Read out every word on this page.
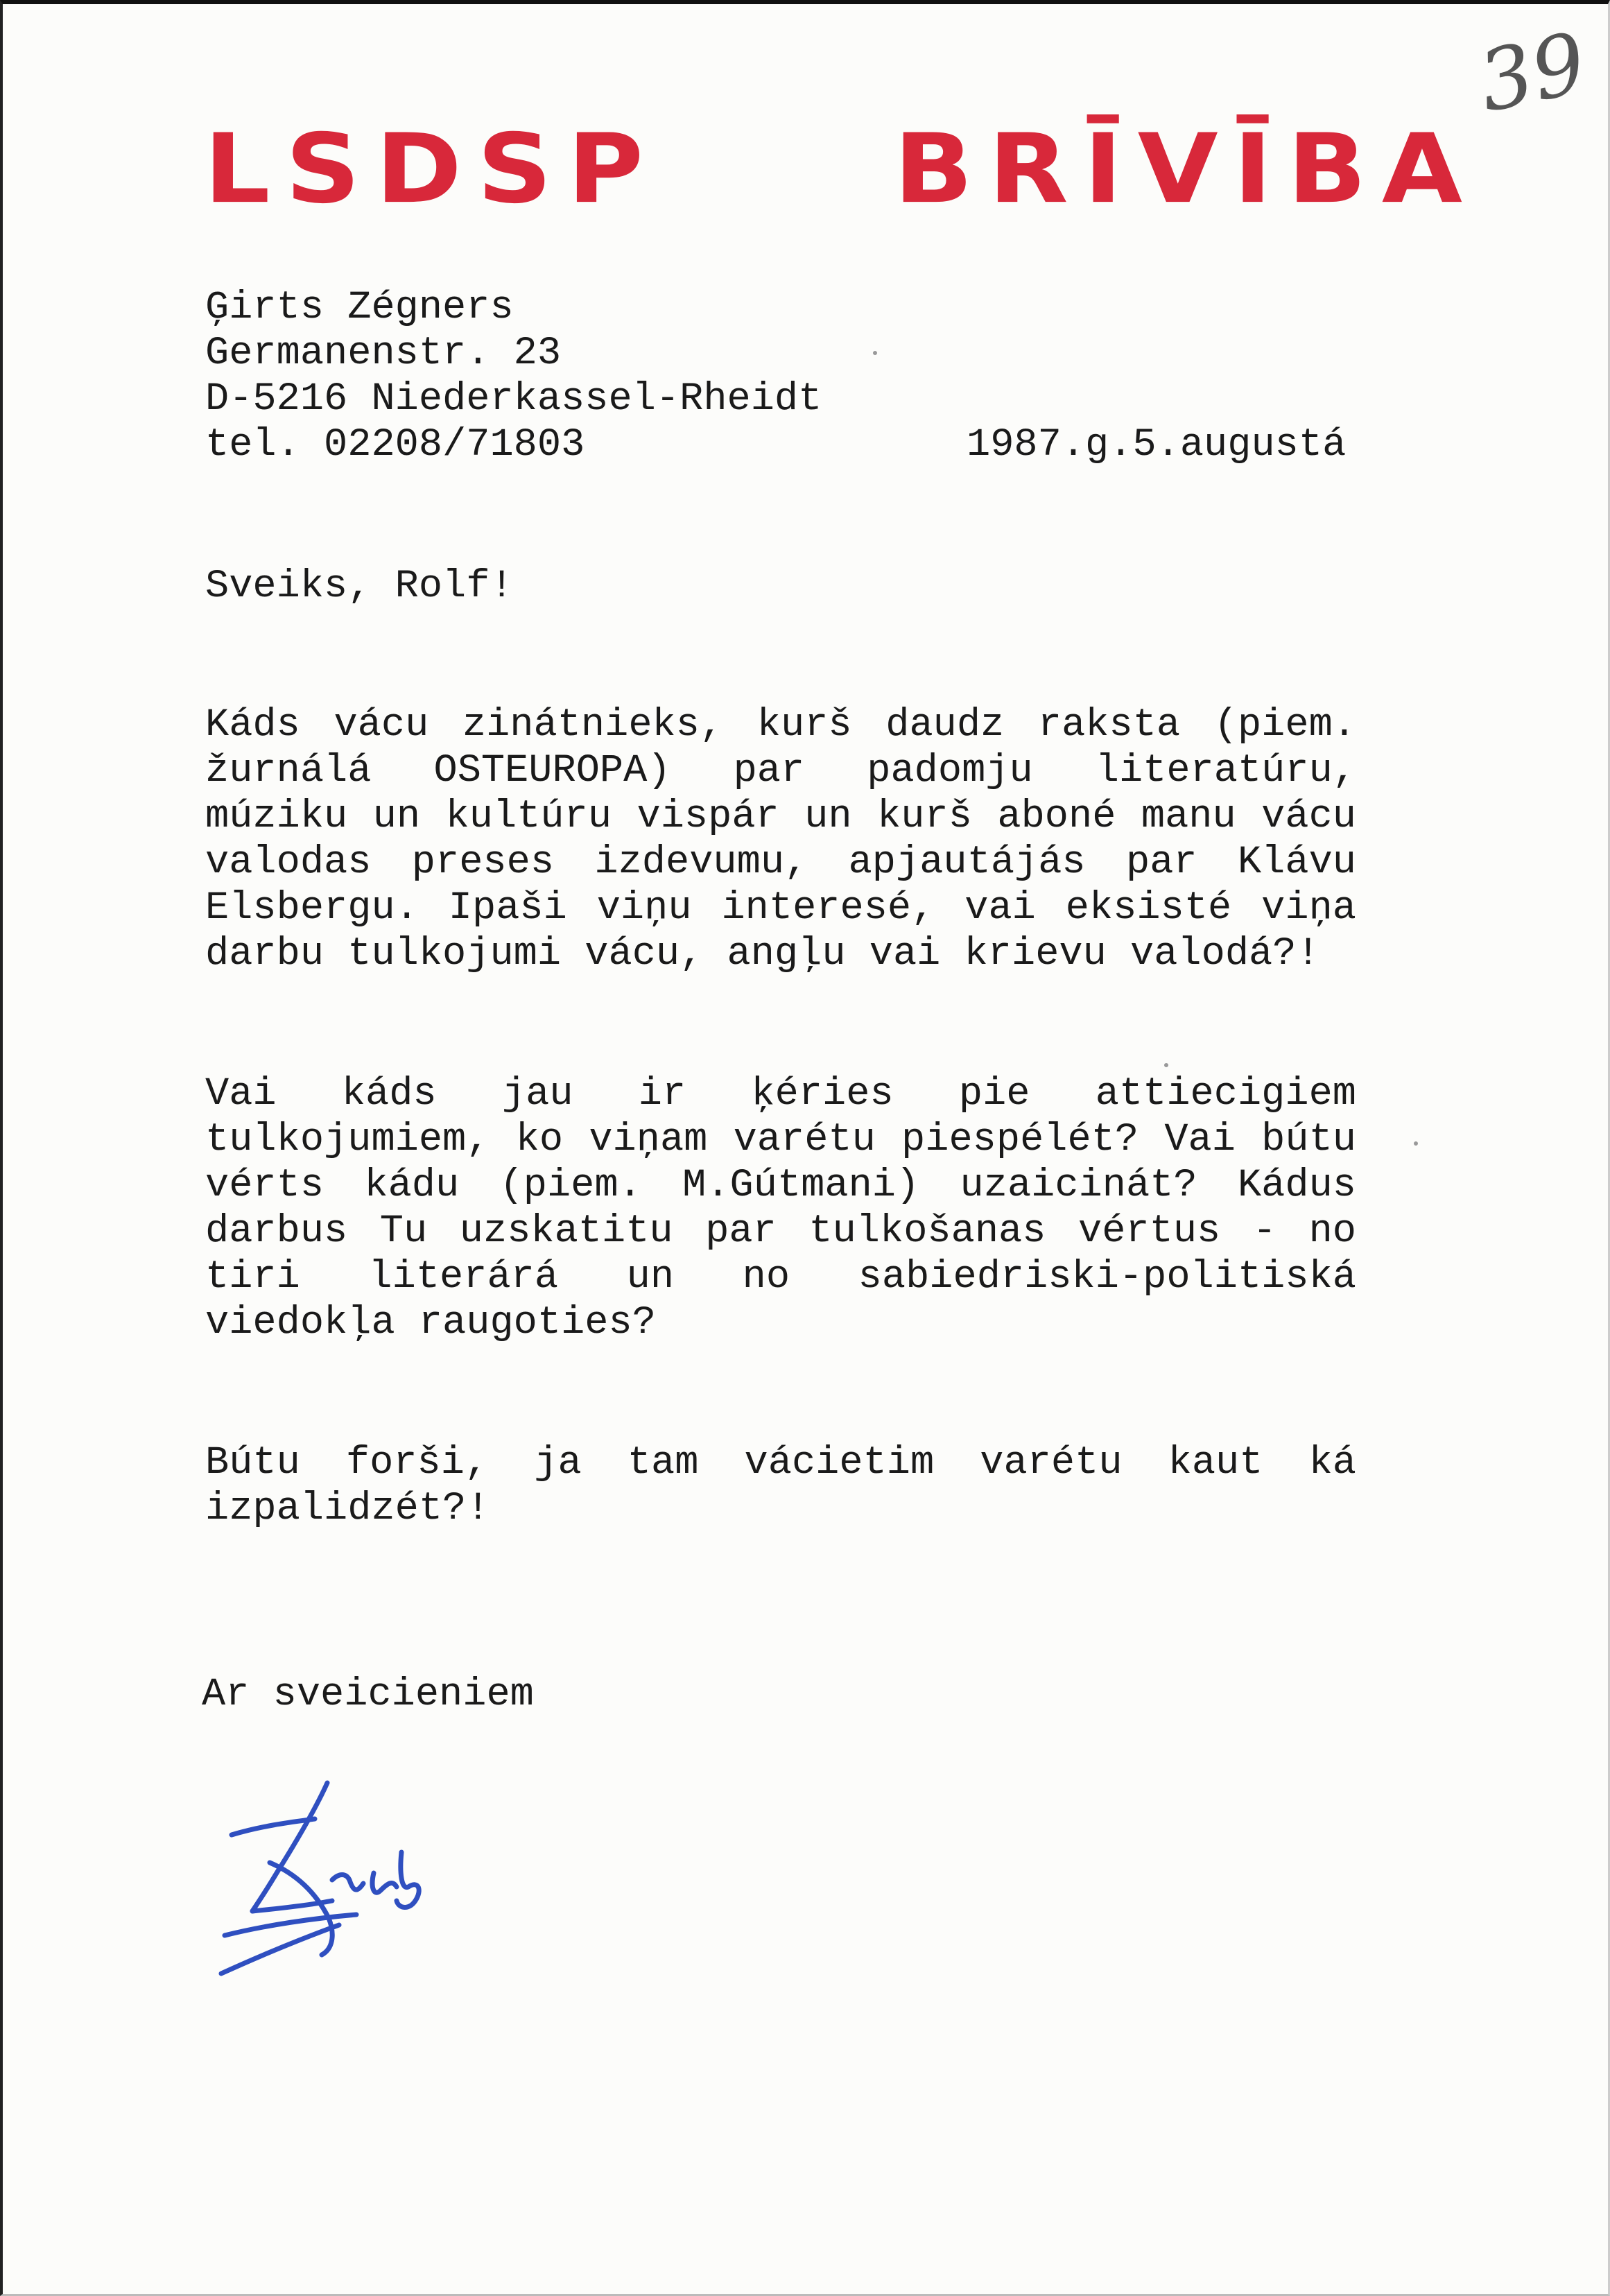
LSDSP BRĪVĪBA
39
Ģirts Zégners
Germanenstr. 23
D-5216 Niederkassel-Rheidt
tel. 02208/71803	1987.g.5.augustá
Sveiks, Rolf!
Káds vácu zinátnieks, kurš daudz raksta (piem. žurnálá OSTEUROPA) par padomju literatúru, múziku un kultúru vispár un kurš aboné manu vácu valodas preses izdevumu, apjautájás par Klávu Elsbergu. Ipaši viņu interesé, vai eksisté viņa darbu tulkojumi vácu, angļu vai krievu valodá?!
Vai káds jau ir ķéries pie attiecigiem tulkojumiem, ko viņam varétu piespélét? Vai bútu vérts kádu (piem. M.Gútmani) uzaicinát? Kádus darbus Tu uzskatitu par tulkošanas vértus - no tiri literárá un no sabiedriski-politiská viedokļa raugoties?
Bútu forši, ja tam vácietim varétu kaut ká izpalidzét?!
Ar sveicieniem
